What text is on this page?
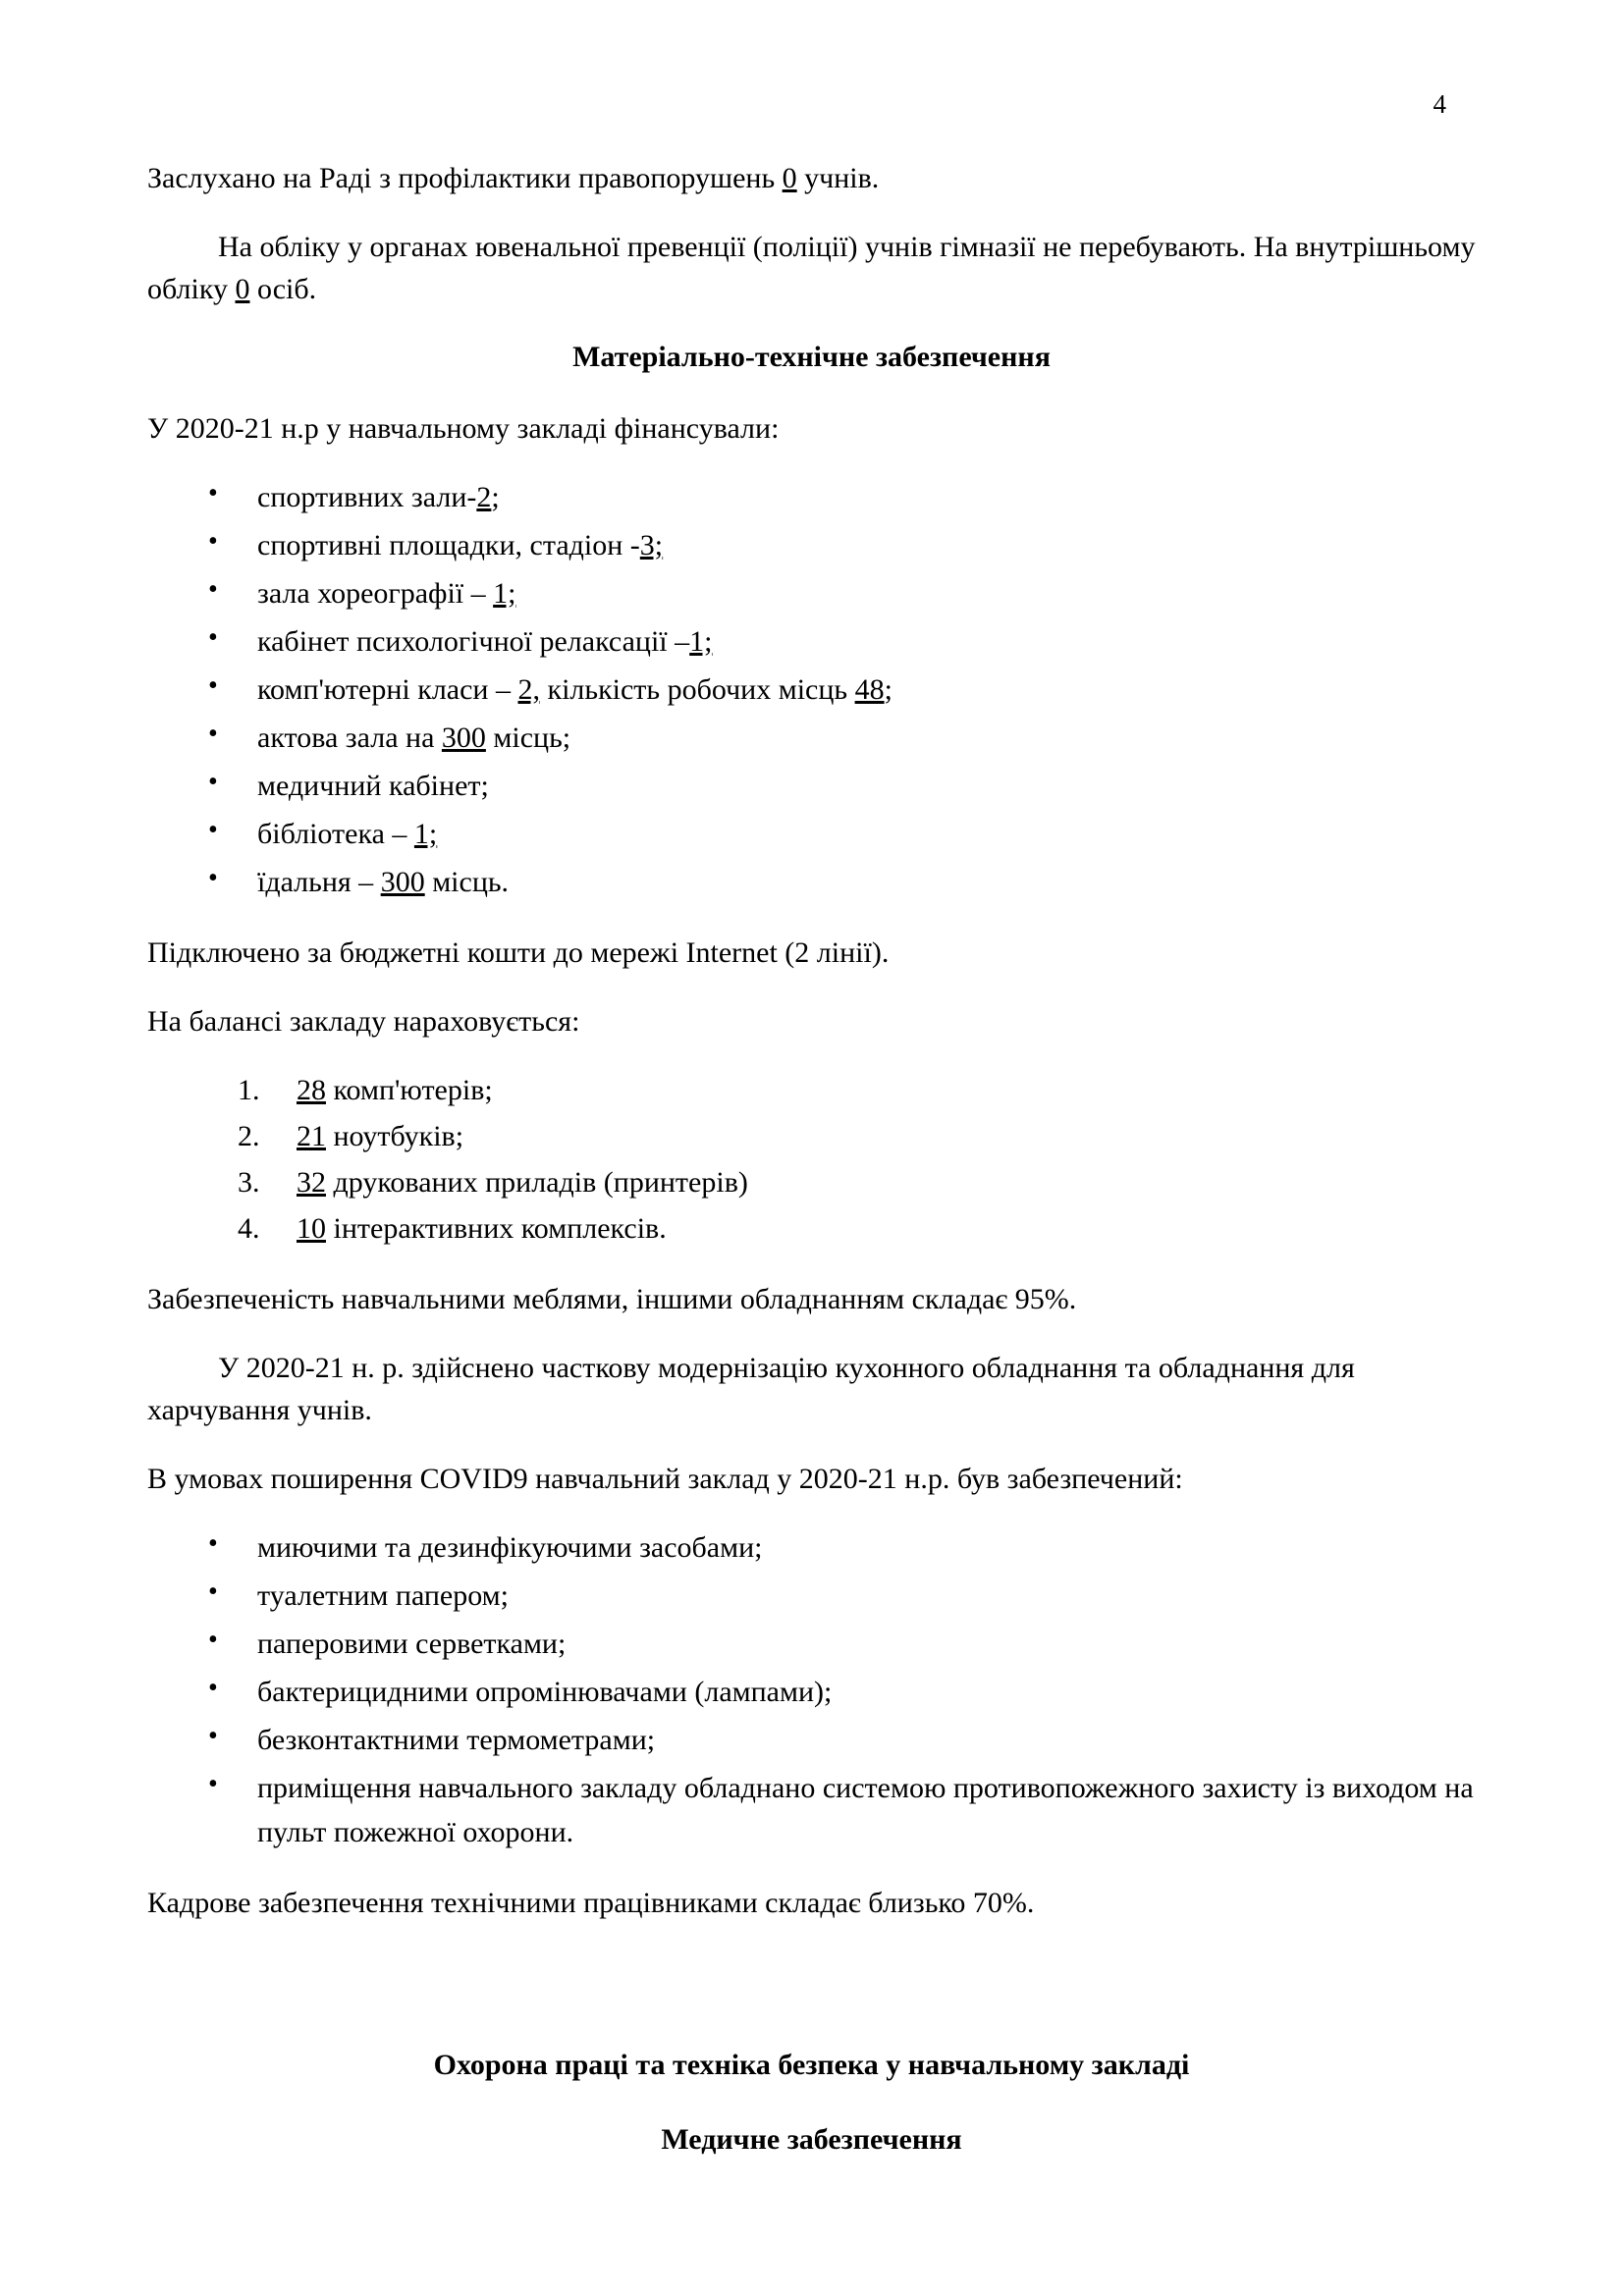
4

Заслухано на Раді з профілактики правопорушень 0 учнів.

На обліку у органах ювенальної превенції (поліції) учнів гімназії не перебувають. На внутрішньому обліку 0 осіб.

Матеріально-технічне забезпечення

У 2020-21 н.р у навчальному закладі фінансували:

• спортивних зали-2;
• спортивні площадки, стадіон -3;
• зала хореографії – 1;
• кабінет психологічної релаксації –1;
• комп'ютерні класи – 2, кількість робочих місць 48;
• актова зала на 300 місць;
• медичний кабінет;
• бібліотека – 1;
• їдальня – 300 місць.

Підключено за бюджетні кошти до мережі Internet (2 лінії).

На балансі закладу нараховується:

28 комп'ютерів;
21 ноутбуків;
32 друкованих приладів (принтерів)
10 інтерактивних комплексів.

Забезпеченість навчальними меблями, іншими обладнанням складає 95%.

У 2020-21 н. р. здійснено часткову модернізацію кухонного обладнання та обладнання для харчування учнів.

В умовах поширення COVID9 навчальний заклад у 2020-21 н.р. був забезпечений:

• миючими та дезинфікуючими засобами;
• туалетним папером;
• паперовими серветками;
• бактерицидними опромінювачами (лампами);
• безконтактними термометрами;
• приміщення навчального закладу обладнано системою противопожежного захисту із виходом на пульт пожежної охорони.

Кадрове забезпечення технічними працівниками складає близько 70%.

Охорона праці та техніка безпека у навчальному закладі
Медичне забезпечення
